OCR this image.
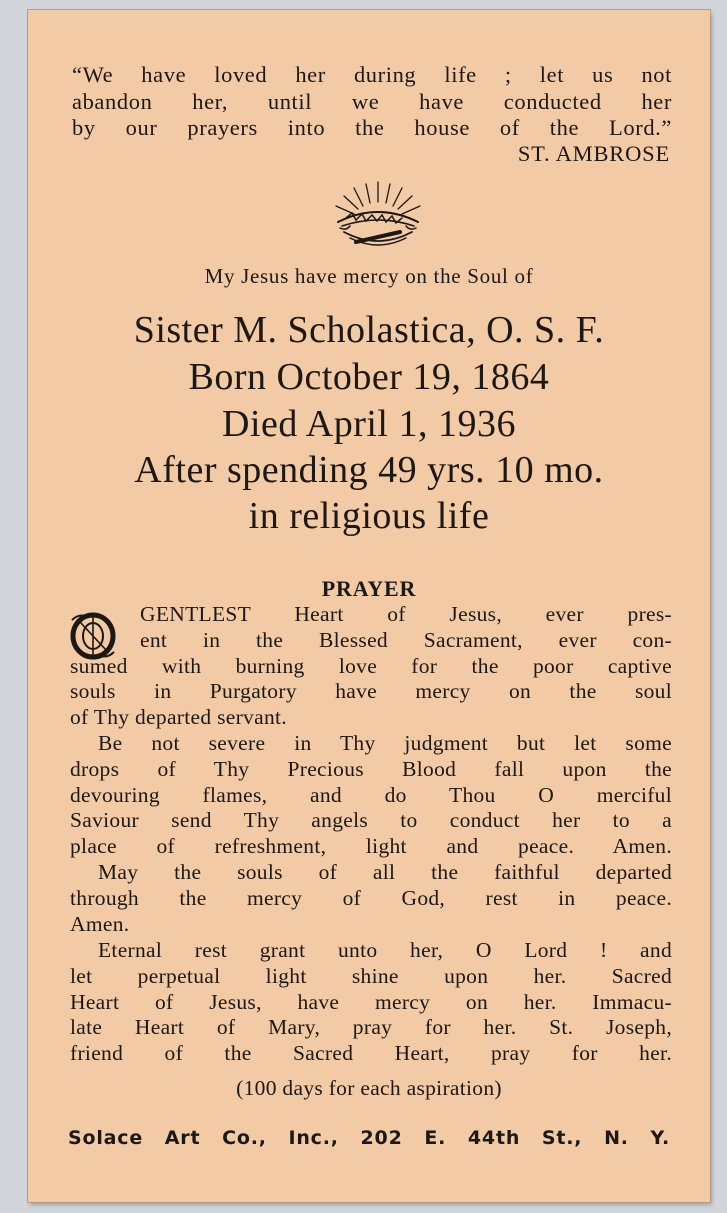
“We have loved her during life ; let us not
abandon her, until we have conducted her
by our prayers into the house of the Lord.”
ST. AMBROSE
My Jesus have mercy on the Soul of
Sister M. Scholastica, O. S. F.
Born October 19, 1864
Died April 1, 1936
After spending 49 yrs. 10 mo.
in religious life
PRAYER
GENTLEST Heart of Jesus, ever pres-
ent in the Blessed Sacrament, ever con-
sumed with burning love for the poor captive
souls in Purgatory have mercy on the soul
of Thy departed servant.
Be not severe in Thy judgment but let some
drops of Thy Precious Blood fall upon the
devouring flames, and do Thou O merciful
Saviour send Thy angels to conduct her to a
place of refreshment, light and peace. Amen.
May the souls of all the faithful departed
through the mercy of God, rest in peace.
Amen.
Eternal rest grant unto her, O Lord ! and
let perpetual light shine upon her. Sacred
Heart of Jesus, have mercy on her. Immacu-
late Heart of Mary, pray for her. St. Joseph,
friend of the Sacred Heart, pray for her.
(100 days for each aspiration)
Solace Art Co., Inc., 202 E. 44th St., N. Y.
